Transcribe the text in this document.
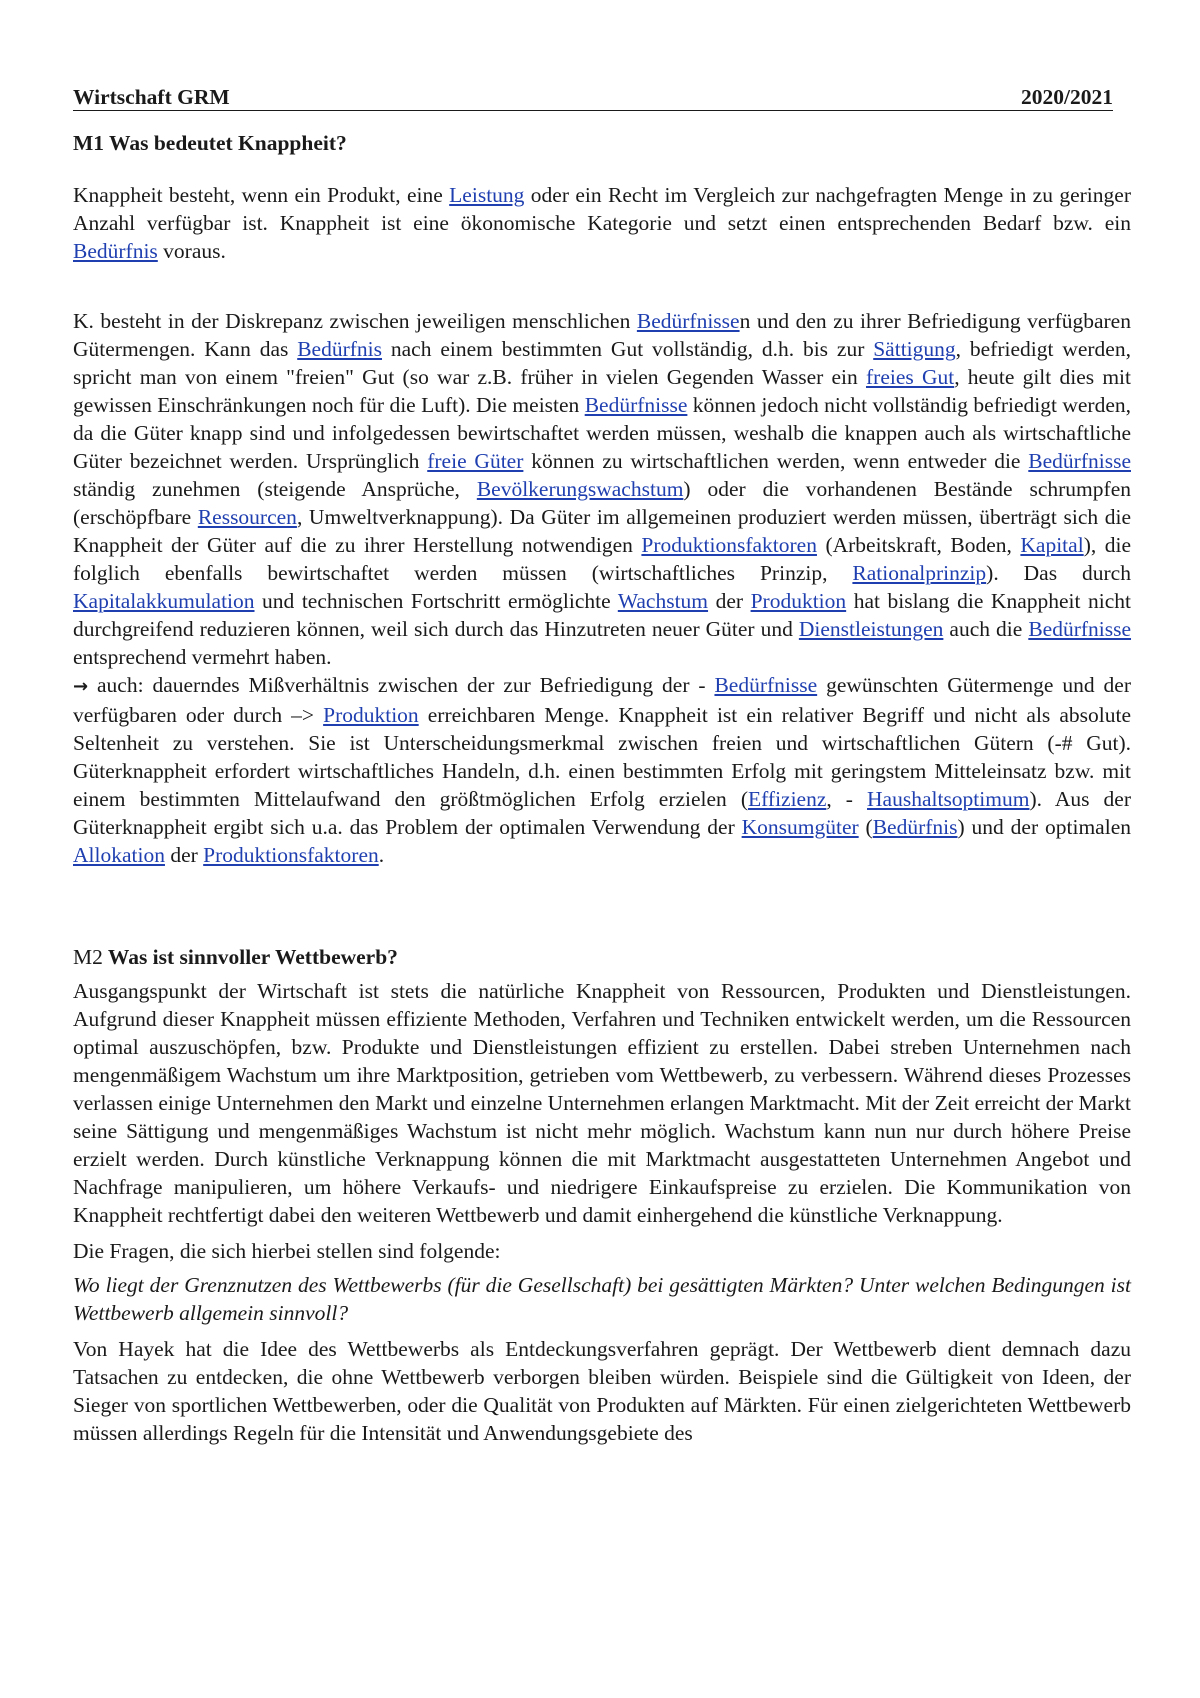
Wirtschaft GRM	2020/2021
M1 Was bedeutet Knappheit?

Knappheit besteht, wenn ein Produkt, eine Leistung oder ein Recht im Vergleich zur nachgefragten Menge in zu geringer Anzahl verfügbar ist. Knappheit ist eine ökonomische Kategorie und setzt einen entsprechenden Bedarf bzw. ein Bedürfnis voraus.

K. besteht in der Diskrepanz zwischen jeweiligen menschlichen Bedürfnissen und den zu ihrer Befriedigung verfügbaren Gütermengen. Kann das Bedürfnis nach einem bestimmten Gut vollständig, d.h. bis zur Sättigung, befriedigt werden, spricht man von einem "freien" Gut (so war z.B. früher in vielen Gegenden Wasser ein freies Gut, heute gilt dies mit gewissen Einschränkungen noch für die Luft). Die meisten Bedürfnisse können jedoch nicht vollständig befriedigt werden, da die Güter knapp sind und infolgedessen bewirtschaftet werden müssen, weshalb die knappen auch als wirtschaftliche Güter bezeichnet werden. Ursprünglich freie Güter können zu wirtschaftlichen werden, wenn entweder die Bedürfnisse ständig zunehmen (steigende Ansprüche, Bevölkerungswachstum) oder die vorhandenen Bestände schrumpfen (erschöpfbare Ressourcen, Umweltverknappung). Da Güter im allgemeinen produziert werden müssen, überträgt sich die Knappheit der Güter auf die zu ihrer Herstellung notwendigen Produktionsfaktoren (Arbeitskraft, Boden, Kapital), die folglich ebenfalls bewirtschaftet werden müssen (wirtschaftliches Prinzip, Rationalprinzip). Das durch Kapitalakkumulation und technischen Fortschritt ermöglichte Wachstum der Produktion hat bislang die Knappheit nicht durchgreifend reduzieren können, weil sich durch das Hinzutreten neuer Güter und Dienstleistungen auch die Bedürfnisse entsprechend vermehrt haben.

→ auch: dauerndes Mißverhältnis zwischen der zur Befriedigung der - Bedürfnisse gewünschten Gütermenge und der verfügbaren oder durch –> Produktion erreichbaren Menge. Knappheit ist ein relativer Begriff und nicht als absolute Seltenheit zu verstehen. Sie ist Unterscheidungsmerkmal zwischen freien und wirtschaftlichen Gütern (-# Gut). Güterknappheit erfordert wirtschaftliches Handeln, d.h. einen bestimmten Erfolg mit geringstem Mitteleinsatz bzw. mit einem bestimmten Mittelaufwand den größtmöglichen Erfolg erzielen (Effizienz, - Haushaltsoptimum). Aus der Güterknappheit ergibt sich u.a. das Problem der optimalen Verwendung der Konsumgüter (Bedürfnis) und der optimalen Allokation der Produktionsfaktoren.

M2 Was ist sinnvoller Wettbewerb?

Ausgangspunkt der Wirtschaft ist stets die natürliche Knappheit von Ressourcen, Produkten und Dienstleistungen. Aufgrund dieser Knappheit müssen effiziente Methoden, Verfahren und Techniken entwickelt werden, um die Ressourcen optimal auszuschöpfen, bzw. Produkte und Dienstleistungen effizient zu erstellen. Dabei streben Unternehmen nach mengenmäßigem Wachstum um ihre Marktposition, getrieben vom Wettbewerb, zu verbessern. Während dieses Prozesses verlassen einige Unternehmen den Markt und einzelne Unternehmen erlangen Marktmacht. Mit der Zeit erreicht der Markt seine Sättigung und mengenmäßiges Wachstum ist nicht mehr möglich. Wachstum kann nun nur durch höhere Preise erzielt werden. Durch künstliche Verknappung können die mit Marktmacht ausgestatteten Unternehmen Angebot und Nachfrage manipulieren, um höhere Verkaufs- und niedrigere Einkaufspreise zu erzielen. Die Kommunikation von Knappheit rechtfertigt dabei den weiteren Wettbewerb und damit einhergehend die künstliche Verknappung.

Die Fragen, die sich hierbei stellen sind folgende:

Wo liegt der Grenznutzen des Wettbewerbs (für die Gesellschaft) bei gesättigten Märkten? Unter welchen Bedingungen ist Wettbewerb allgemein sinnvoll?

Von Hayek hat die Idee des Wettbewerbs als Entdeckungsverfahren geprägt. Der Wettbewerb dient demnach dazu Tatsachen zu entdecken, die ohne Wettbewerb verborgen bleiben würden. Beispiele sind die Gültigkeit von Ideen, der Sieger von sportlichen Wettbewerben, oder die Qualität von Produkten auf Märkten. Für einen zielgerichteten Wettbewerb müssen allerdings Regeln für die Intensität und Anwendungsgebiete des
